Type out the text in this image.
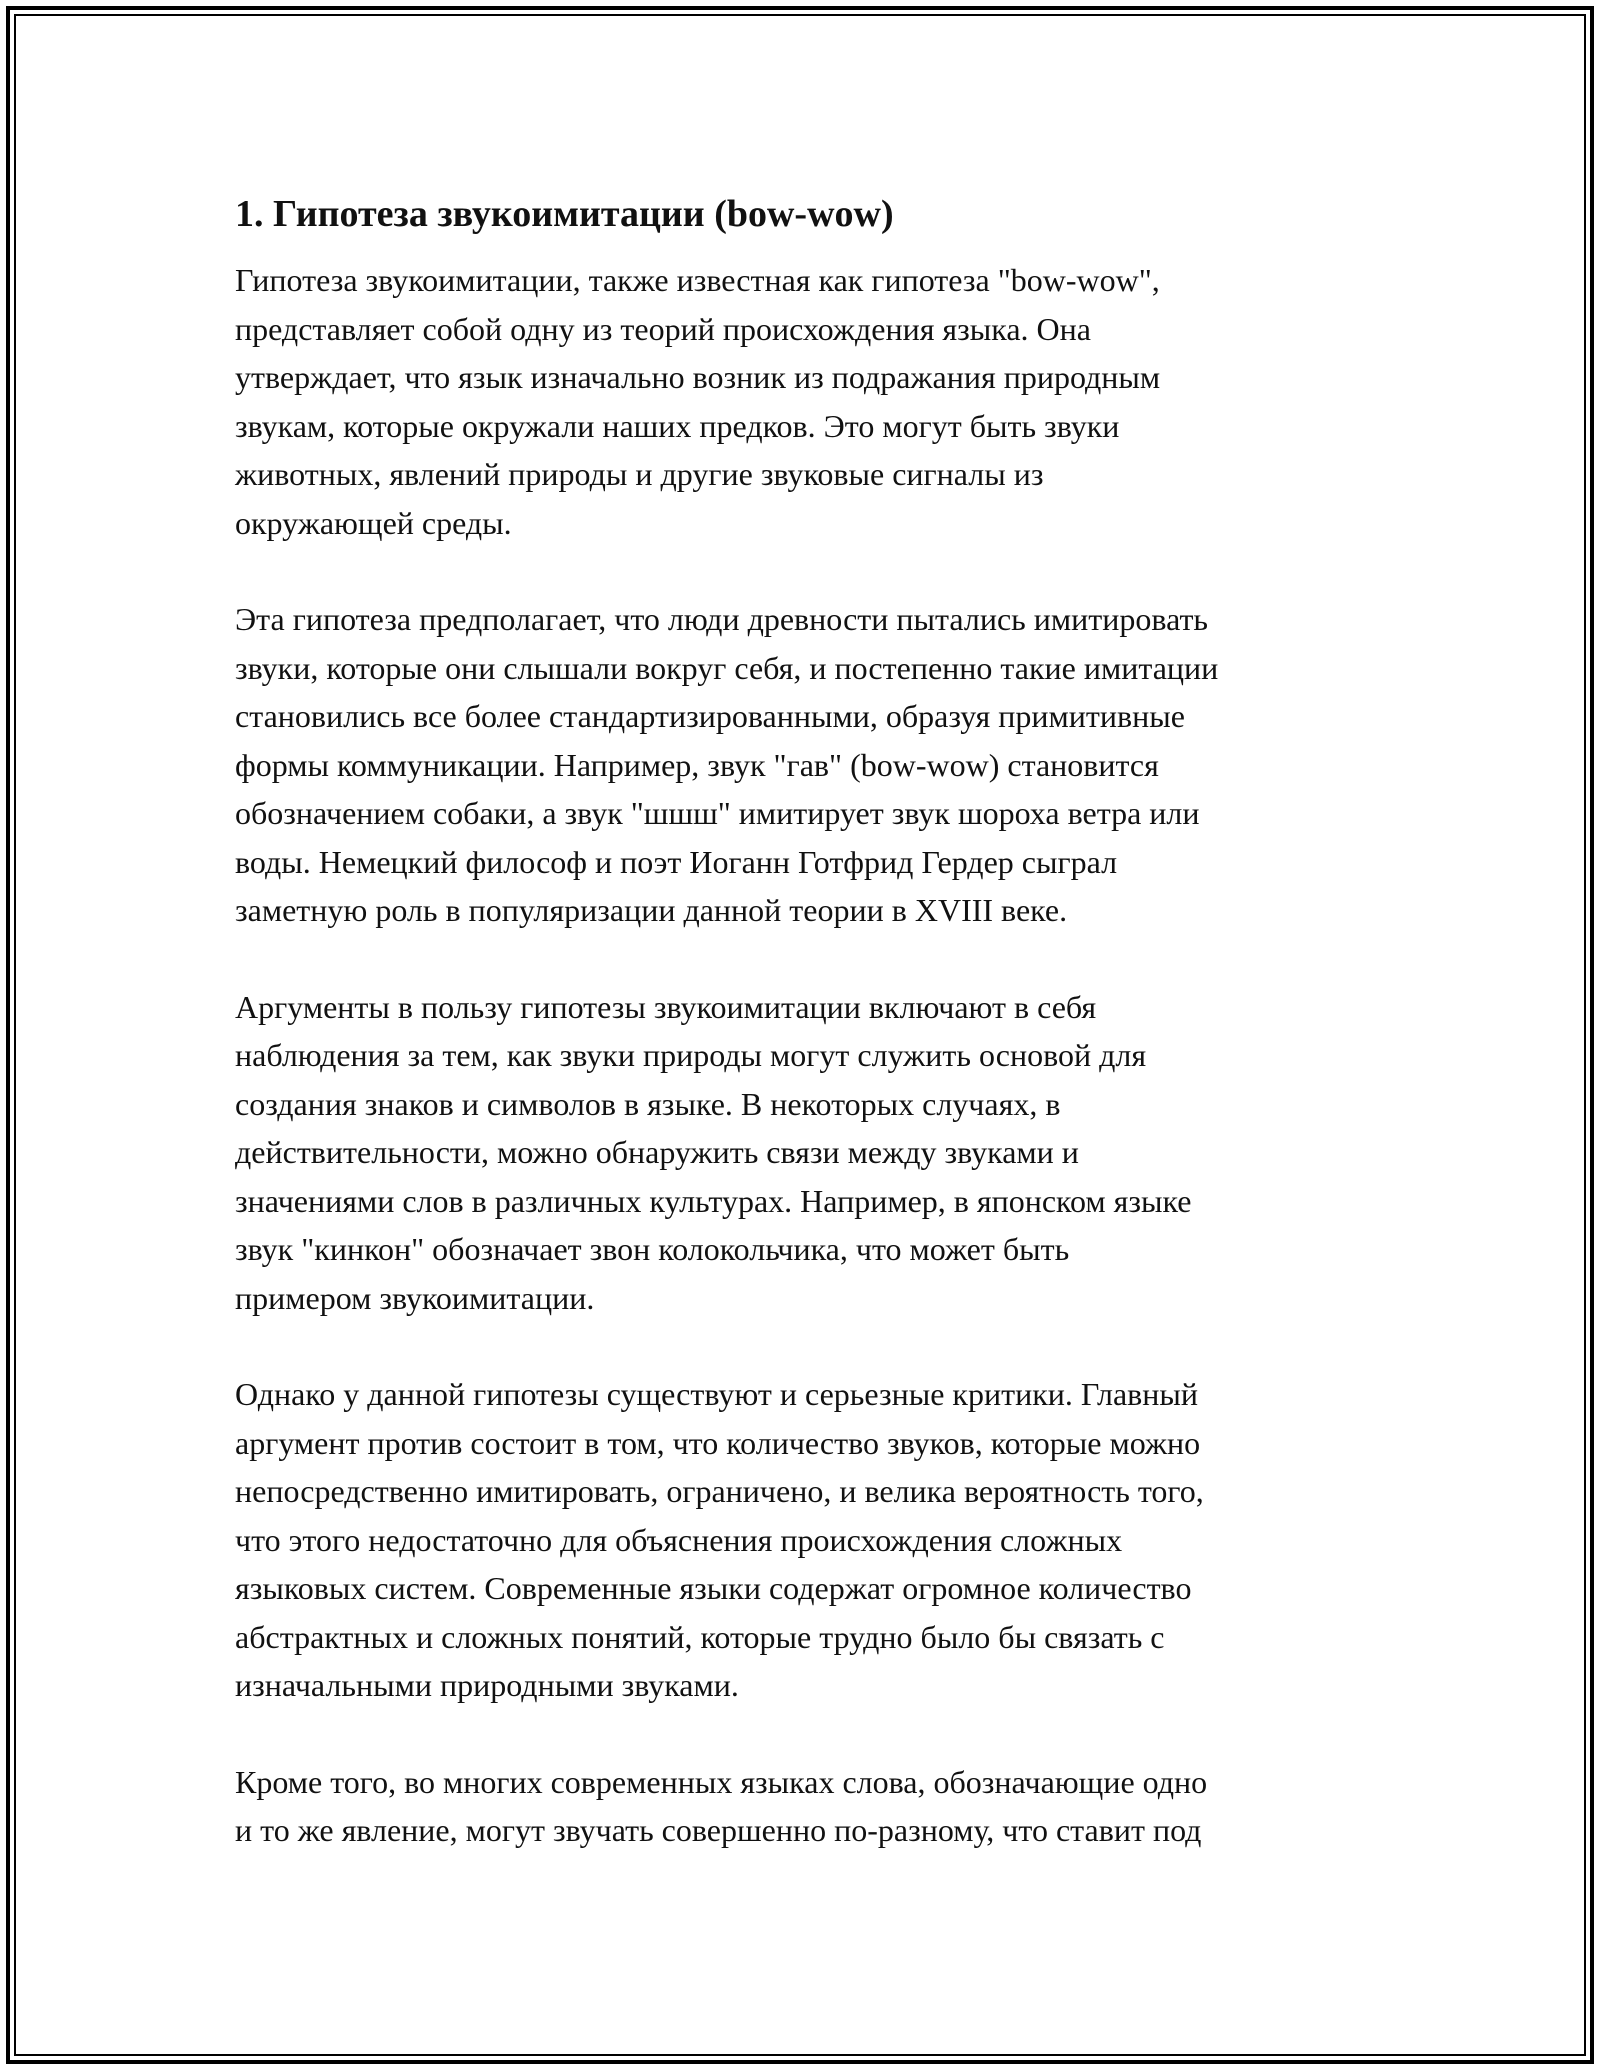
1. Гипотеза звукоимитации (bow-wow)

Гипотеза звукоимитации, также известная как гипотеза "bow-wow",
представляет собой одну из теорий происхождения языка. Она
утверждает, что язык изначально возник из подражания природным
звукам, которые окружали наших предков. Это могут быть звуки
животных, явлений природы и другие звуковые сигналы из
окружающей среды.

Эта гипотеза предполагает, что люди древности пытались имитировать
звуки, которые они слышали вокруг себя, и постепенно такие имитации
становились все более стандартизированными, образуя примитивные
формы коммуникации. Например, звук "гав" (bow-wow) становится
обозначением собаки, а звук "шшш" имитирует звук шороха ветра или
воды. Немецкий философ и поэт Иоганн Готфрид Гердер сыграл
заметную роль в популяризации данной теории в XVIII веке.

Аргументы в пользу гипотезы звукоимитации включают в себя
наблюдения за тем, как звуки природы могут служить основой для
создания знаков и символов в языке. В некоторых случаях, в
действительности, можно обнаружить связи между звуками и
значениями слов в различных культурах. Например, в японском языке
звук "кинкон" обозначает звон колокольчика, что может быть
примером звукоимитации.

Однако у данной гипотезы существуют и серьезные критики. Главный
аргумент против состоит в том, что количество звуков, которые можно
непосредственно имитировать, ограничено, и велика вероятность того,
что этого недостаточно для объяснения происхождения сложных
языковых систем. Современные языки содержат огромное количество
абстрактных и сложных понятий, которые трудно было бы связать с
изначальными природными звуками.

Кроме того, во многих современных языках слова, обозначающие одно
и то же явление, могут звучать совершенно по-разному, что ставит под
